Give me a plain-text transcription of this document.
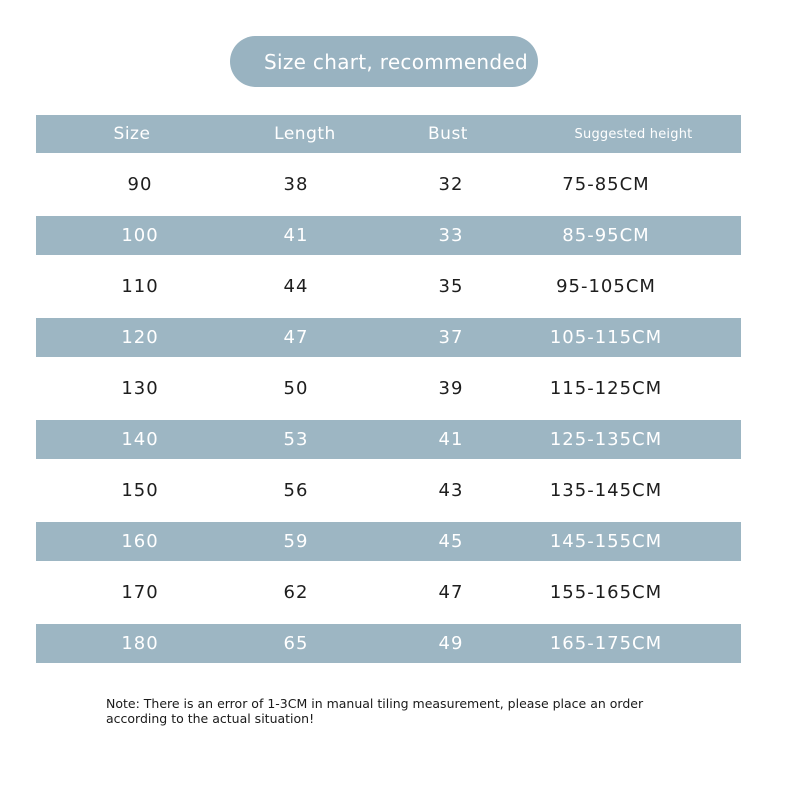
Size chart, recommended
Size	Length	Bust	Suggested height
90	38	32	75-85CM
100	41	33	85-95CM
110	44	35	95-105CM
120	47	37	105-115CM
130	50	39	115-125CM
140	53	41	125-135CM
150	56	43	135-145CM
160	59	45	145-155CM
170	62	47	155-165CM
180	65	49	165-175CM
Note: There is an error of 1-3CM in manual tiling measurement, please place an order according to the actual situation!
